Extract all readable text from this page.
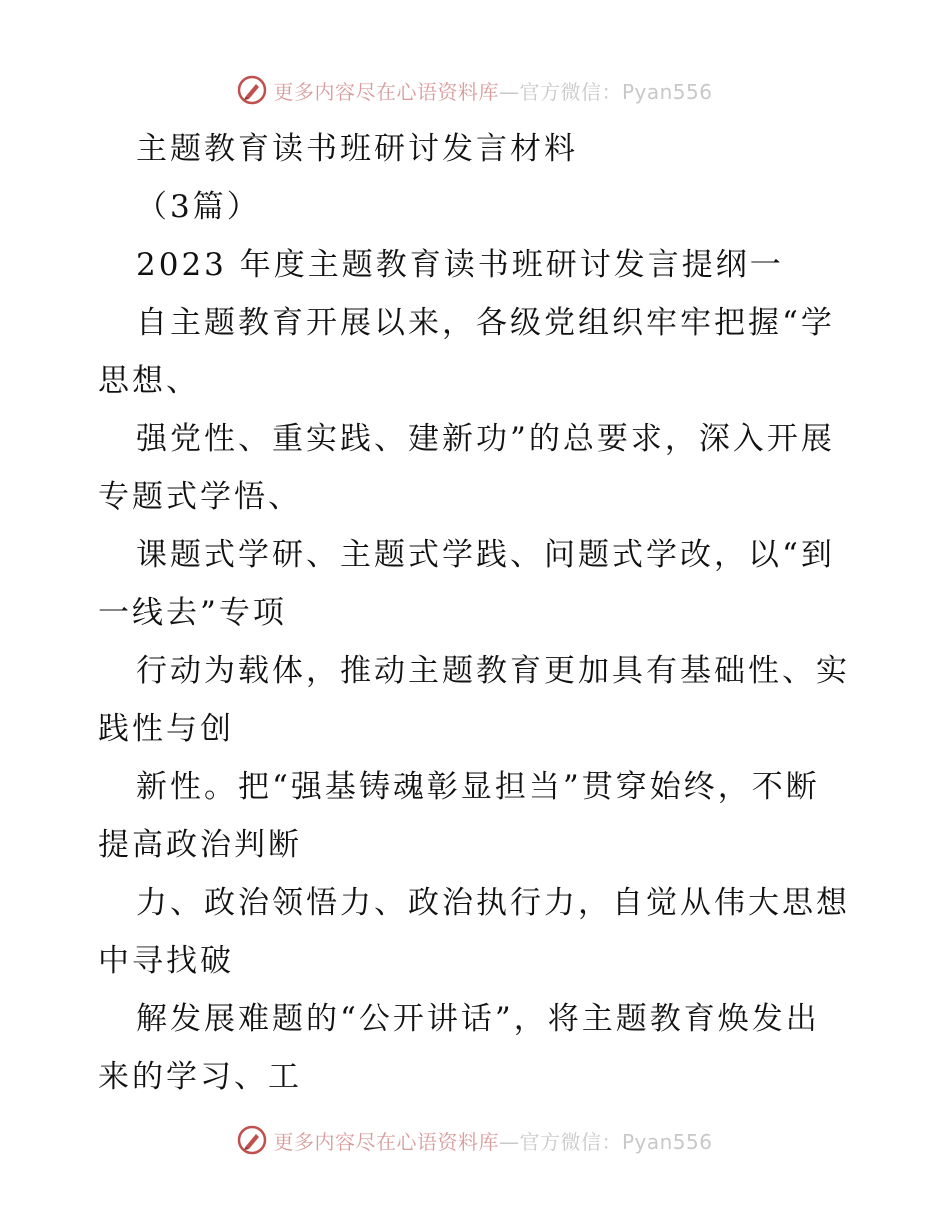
更多内容尽在心语资料库—官方微信：Pyan556
主题教育读书班研讨发言材料
（3篇）
2023 年度主题教育读书班研讨发言提纲一
自主题教育开展以来，各级党组织牢牢把握“学
思想、
强党性、重实践、建新功”的总要求，深入开展
专题式学悟、
课题式学研、主题式学践、问题式学改，以“到
一线去”专项
行动为载体，推动主题教育更加具有基础性、实
践性与创
新性。把“强基铸魂彰显担当”贯穿始终，不断
提高政治判断
力、政治领悟力、政治执行力，自觉从伟大思想
中寻找破
解发展难题的“公开讲话”，将主题教育焕发出
来的学习、工
更多内容尽在心语资料库—官方微信：Pyan556
